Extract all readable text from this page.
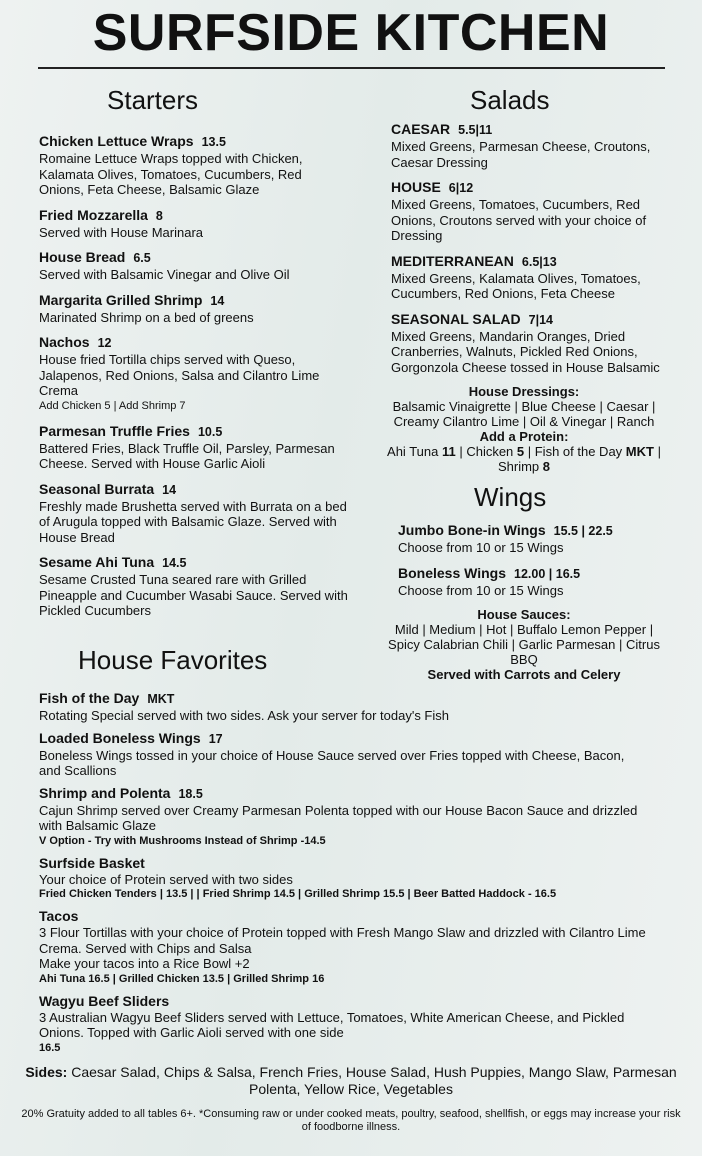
SURFSIDE KITCHEN
Starters
Chicken Lettuce Wraps 13.5
Romaine Lettuce Wraps topped with Chicken, Kalamata Olives, Tomatoes, Cucumbers, Red Onions, Feta Cheese, Balsamic Glaze
Fried Mozzarella 8
Served with House Marinara
House Bread 6.5
Served with Balsamic Vinegar and Olive Oil
Margarita Grilled Shrimp 14
Marinated Shrimp on a bed of greens
Nachos 12
House fried Tortilla chips served with Queso, Jalapenos, Red Onions, Salsa and Cilantro Lime Crema
Add Chicken 5 | Add Shrimp 7
Parmesan Truffle Fries 10.5
Battered Fries, Black Truffle Oil, Parsley, Parmesan Cheese. Served with House Garlic Aioli
Seasonal Burrata 14
Freshly made Brushetta served with Burrata on a bed of Arugula topped with Balsamic Glaze. Served with House Bread
Sesame Ahi Tuna 14.5
Sesame Crusted Tuna seared rare with Grilled Pineapple and Cucumber Wasabi Sauce. Served with Pickled Cucumbers
House Favorites
Salads
CAESAR 5.5|11
Mixed Greens, Parmesan Cheese, Croutons, Caesar Dressing
HOUSE 6|12
Mixed Greens, Tomatoes, Cucumbers, Red Onions, Croutons served with your choice of Dressing
MEDITERRANEAN 6.5|13
Mixed Greens, Kalamata Olives, Tomatoes, Cucumbers, Red Onions, Feta Cheese
SEASONAL SALAD 7|14
Mixed Greens, Mandarin Oranges, Dried Cranberries, Walnuts, Pickled Red Onions, Gorgonzola Cheese tossed in House Balsamic
House Dressings:
Balsamic Vinaigrette | Blue Cheese | Caesar | Creamy Cilantro Lime | Oil & Vinegar | Ranch
Add a Protein:
Ahi Tuna 11 | Chicken 5 | Fish of the Day MKT | Shrimp 8
Wings
Jumbo Bone-in Wings 15.5 | 22.5
Choose from 10 or 15 Wings
Boneless Wings 12.00 | 16.5
Choose from 10 or 15 Wings
House Sauces:
Mild | Medium | Hot | Buffalo Lemon Pepper | Spicy Calabrian Chili | Garlic Parmesan | Citrus BBQ
Served with Carrots and Celery
Fish of the Day MKT
Rotating Special served with two sides. Ask your server for today's Fish
Loaded Boneless Wings 17
Boneless Wings tossed in your choice of House Sauce served over Fries topped with Cheese, Bacon, and Scallions
Shrimp and Polenta 18.5
Cajun Shrimp served over Creamy Parmesan Polenta topped with our House Bacon Sauce and drizzled with Balsamic Glaze
V Option - Try with Mushrooms Instead of Shrimp -14.5
Surfside Basket
Your choice of Protein served with two sides
Fried Chicken Tenders | 13.5 | | Fried Shrimp 14.5 | Grilled Shrimp 15.5 | Beer Batted Haddock - 16.5
Tacos
3 Flour Tortillas with your choice of Protein topped with Fresh Mango Slaw and drizzled with Cilantro Lime Crema. Served with Chips and Salsa
Make your tacos into a Rice Bowl +2
Ahi Tuna 16.5 | Grilled Chicken 13.5 | Grilled Shrimp 16
Wagyu Beef Sliders
3 Australian Wagyu Beef Sliders served with Lettuce, Tomatoes, White American Cheese, and Pickled Onions. Topped with Garlic Aioli served with one side
16.5
Sides: Caesar Salad, Chips & Salsa, French Fries, House Salad, Hush Puppies, Mango Slaw, Parmesan Polenta, Yellow Rice, Vegetables
20% Gratuity added to all tables 6+. *Consuming raw or under cooked meats, poultry, seafood, shellfish, or eggs may increase your risk of foodborne illness.
